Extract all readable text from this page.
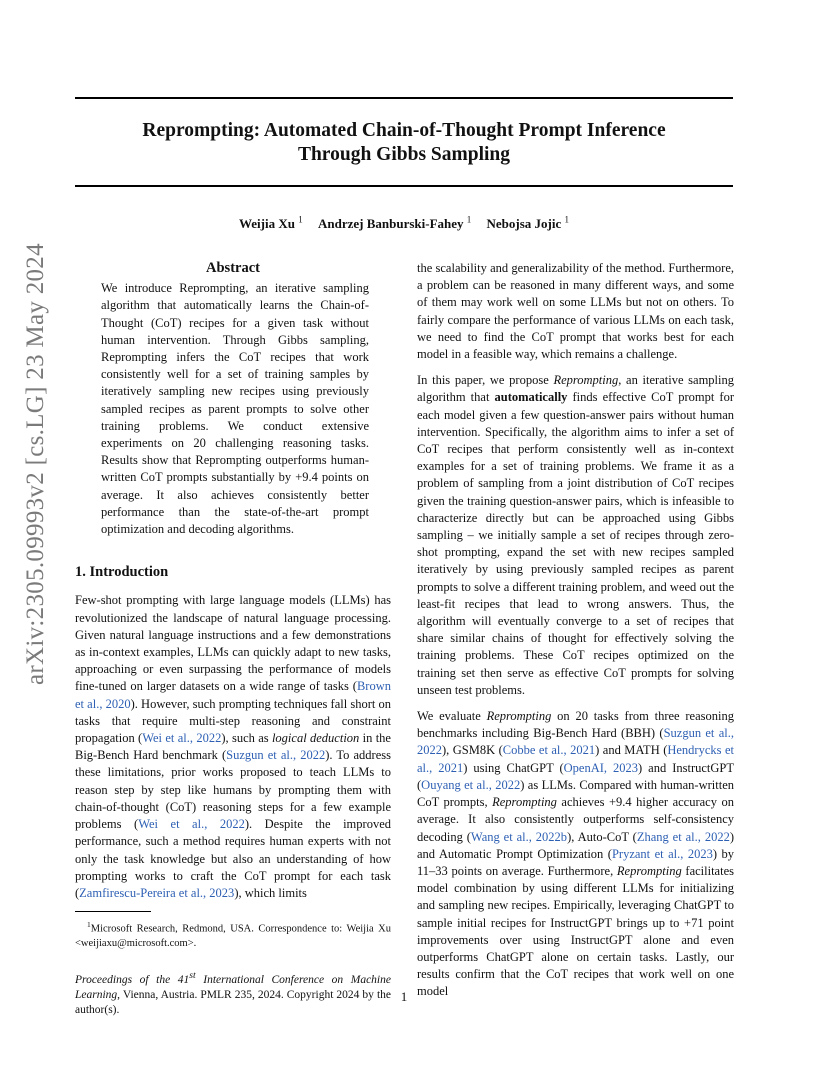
arXiv:2305.09993v2 [cs.LG] 23 May 2024
Reprompting: Automated Chain-of-Thought Prompt Inference
Through Gibbs Sampling
Weijia Xu $^1$ Andrzej Banburski-Fahey $^1$ Nebojsa Jojic $^1$
Abstract
We introduce Reprompting, an iterative sampling algorithm that automatically learns the Chain-of-Thought (CoT) recipes for a given task without human intervention. Through Gibbs sampling, Reprompting infers the CoT recipes that work consistently well for a set of training samples by iteratively sampling new recipes using previously sampled recipes as parent prompts to solve other training problems. We conduct extensive experiments on 20 challenging reasoning tasks. Results show that Reprompting outperforms human-written CoT prompts substantially by +9.4 points on average. It also achieves consistently better performance than the state-of-the-art prompt optimization and decoding algorithms.
1. Introduction

Few-shot prompting with large language models (LLMs) has revolutionized the landscape of natural language processing. Given natural language instructions and a few demonstrations as in-context examples, LLMs can quickly adapt to new tasks, approaching or even surpassing the performance of models fine-tuned on larger datasets on a wide range of tasks (Brown et al., 2020). However, such prompting techniques fall short on tasks that require multi-step reasoning and constraint propagation (Wei et al., 2022), such as logical deduction in the Big-Bench Hard benchmark (Suzgun et al., 2022). To address these limitations, prior works proposed to teach LLMs to reason step by step like humans by prompting them with chain-of-thought (CoT) reasoning steps for a few example problems (Wei et al., 2022). Despite the improved performance, such a method requires human experts with not only the task knowledge but also an understanding of how prompting works to craft the CoT prompt for each task (Zamfirescu-Pereira et al., 2023), which limits

$^1$Microsoft Research, Redmond, USA. Correspondence to: Weijia Xu <weijiaxu@microsoft.com>.

Proceedings of the 41st International Conference on Machine Learning, Vienna, Austria. PMLR 235, 2024. Copyright 2024 by the author(s).

the scalability and generalizability of the method. Furthermore, a problem can be reasoned in many different ways, and some of them may work well on some LLMs but not on others. To fairly compare the performance of various LLMs on each task, we need to find the CoT prompt that works best for each model in a feasible way, which remains a challenge.

In this paper, we propose Reprompting, an iterative sampling algorithm that automatically finds effective CoT prompt for each model given a few question-answer pairs without human intervention. Specifically, the algorithm aims to infer a set of CoT recipes that perform consistently well as in-context examples for a set of training problems. We frame it as a problem of sampling from a joint distribution of CoT recipes given the training question-answer pairs, which is infeasible to characterize directly but can be approached using Gibbs sampling – we initially sample a set of recipes through zero-shot prompting, expand the set with new recipes sampled iteratively by using previously sampled recipes as parent prompts to solve a different training problem, and weed out the least-fit recipes that lead to wrong answers. Thus, the algorithm will eventually converge to a set of recipes that share similar chains of thought for effectively solving the training problems. These CoT recipes optimized on the training set then serve as effective CoT prompts for solving unseen test problems.

We evaluate Reprompting on 20 tasks from three reasoning benchmarks including Big-Bench Hard (BBH) (Suzgun et al., 2022), GSM8K (Cobbe et al., 2021) and MATH (Hendrycks et al., 2021) using ChatGPT (OpenAI, 2023) and InstructGPT (Ouyang et al., 2022) as LLMs. Compared with human-written CoT prompts, Reprompting achieves +9.4 higher accuracy on average. It also consistently outperforms self-consistency decoding (Wang et al., 2022b), Auto-CoT (Zhang et al., 2022) and Automatic Prompt Optimization (Pryzant et al., 2023) by 11–33 points on average. Furthermore, Reprompting facilitates model combination by using different LLMs for initializing and sampling new recipes. Empirically, leveraging ChatGPT to sample initial recipes for InstructGPT brings up to +71 point improvements over using InstructGPT alone and even outperforms ChatGPT alone on certain tasks. Lastly, our results confirm that the CoT recipes that work well on one model

1
